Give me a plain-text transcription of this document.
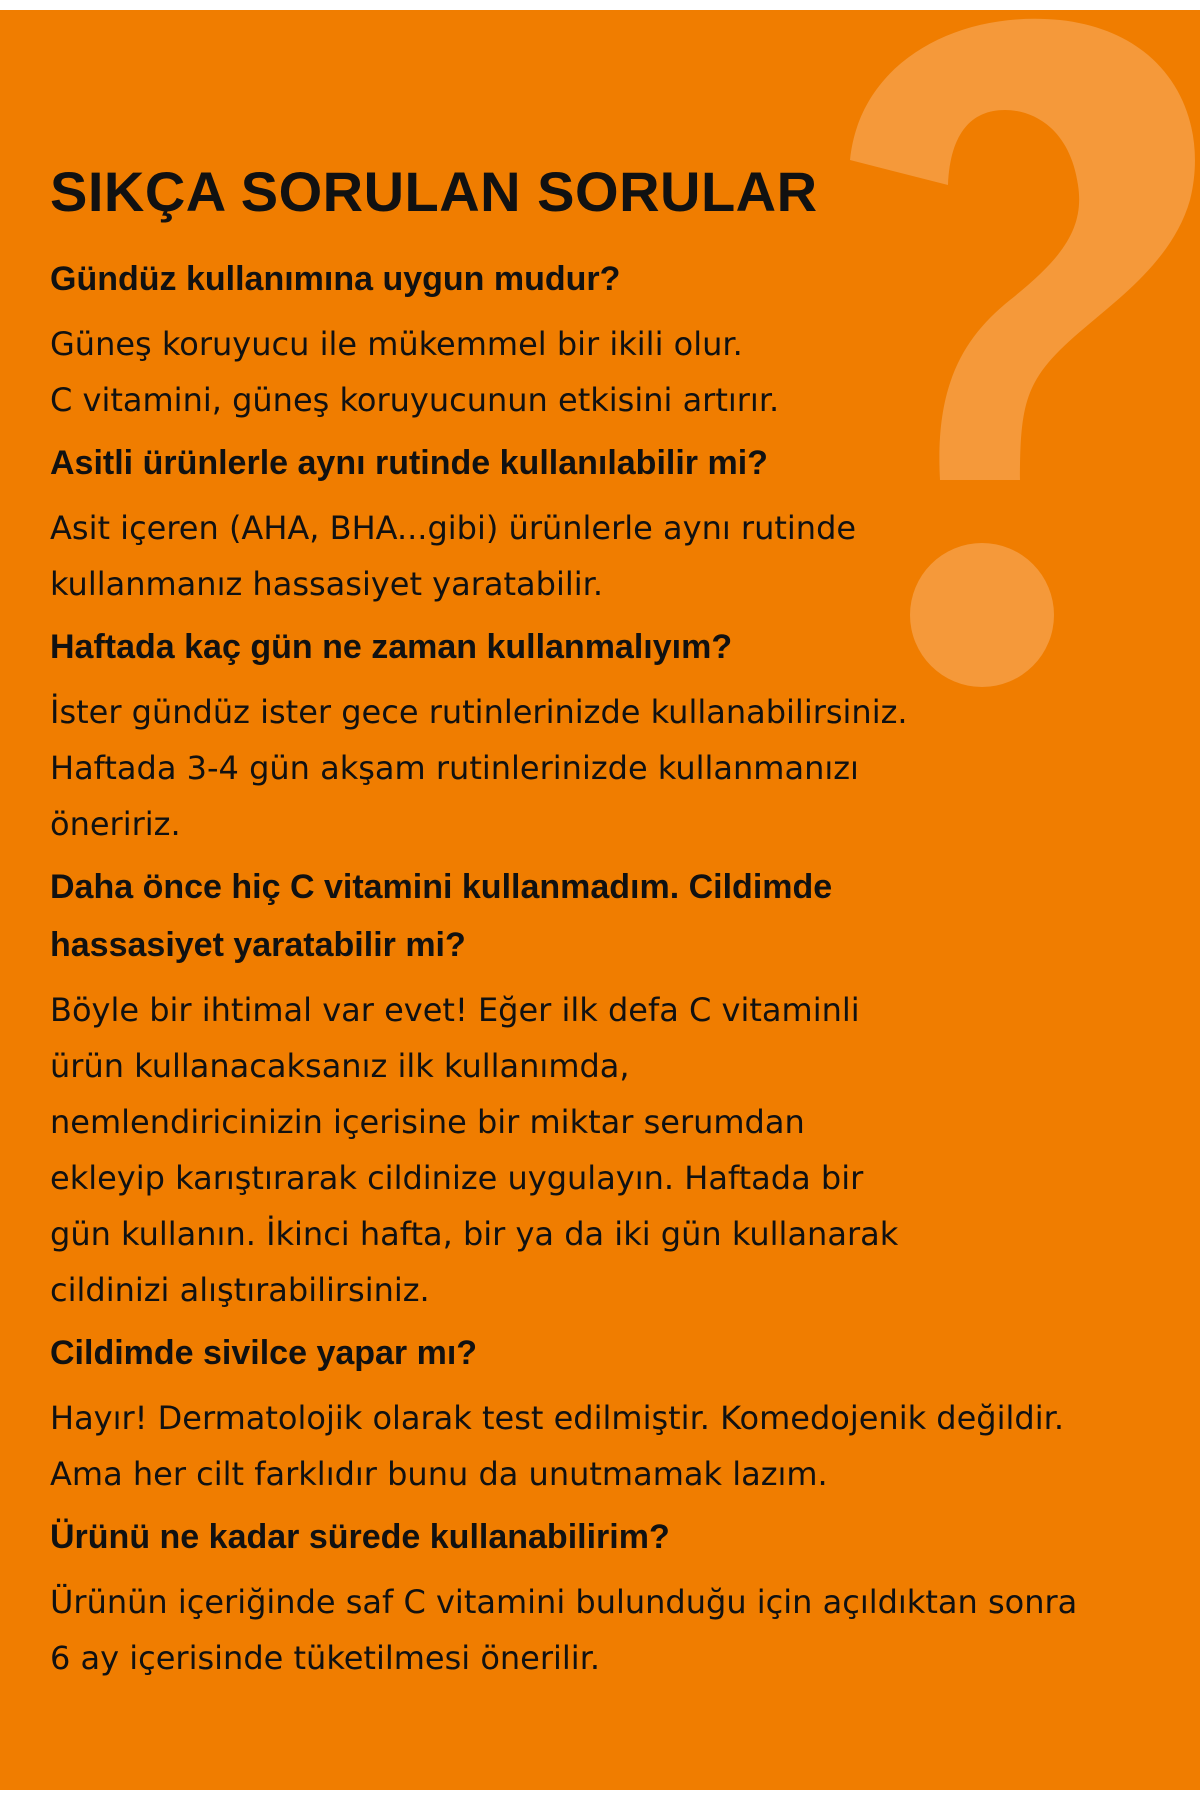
SIKÇA SORULAN SORULAR
Gündüz kullanımına uygun mudur?
Güneş koruyucu ile mükemmel bir ikili olur.
C vitamini, güneş koruyucunun etkisini artırır.
Asitli ürünlerle aynı rutinde kullanılabilir mi?
Asit içeren (AHA, BHA...gibi) ürünlerle aynı rutinde
kullanmanız hassasiyet yaratabilir.
Haftada kaç gün ne zaman kullanmalıyım?
İster gündüz ister gece rutinlerinizde kullanabilirsiniz.
Haftada 3-4 gün akşam rutinlerinizde kullanmanızı
öneririz.
Daha önce hiç C vitamini kullanmadım. Cildimde
hassasiyet yaratabilir mi?
Böyle bir ihtimal var evet! Eğer ilk defa C vitaminli
ürün kullanacaksanız ilk kullanımda,
nemlendiricinizin içerisine bir miktar serumdan
ekleyip karıştırarak cildinize uygulayın. Haftada bir
gün kullanın. İkinci hafta, bir ya da iki gün kullanarak
cildinizi alıştırabilirsiniz.
Cildimde sivilce yapar mı?
Hayır! Dermatolojik olarak test edilmiştir. Komedojenik değildir.
Ama her cilt farklıdır bunu da unutmamak lazım.
Ürünü ne kadar sürede kullanabilirim?
Ürünün içeriğinde saf C vitamini bulunduğu için açıldıktan sonra
6 ay içerisinde tüketilmesi önerilir.
